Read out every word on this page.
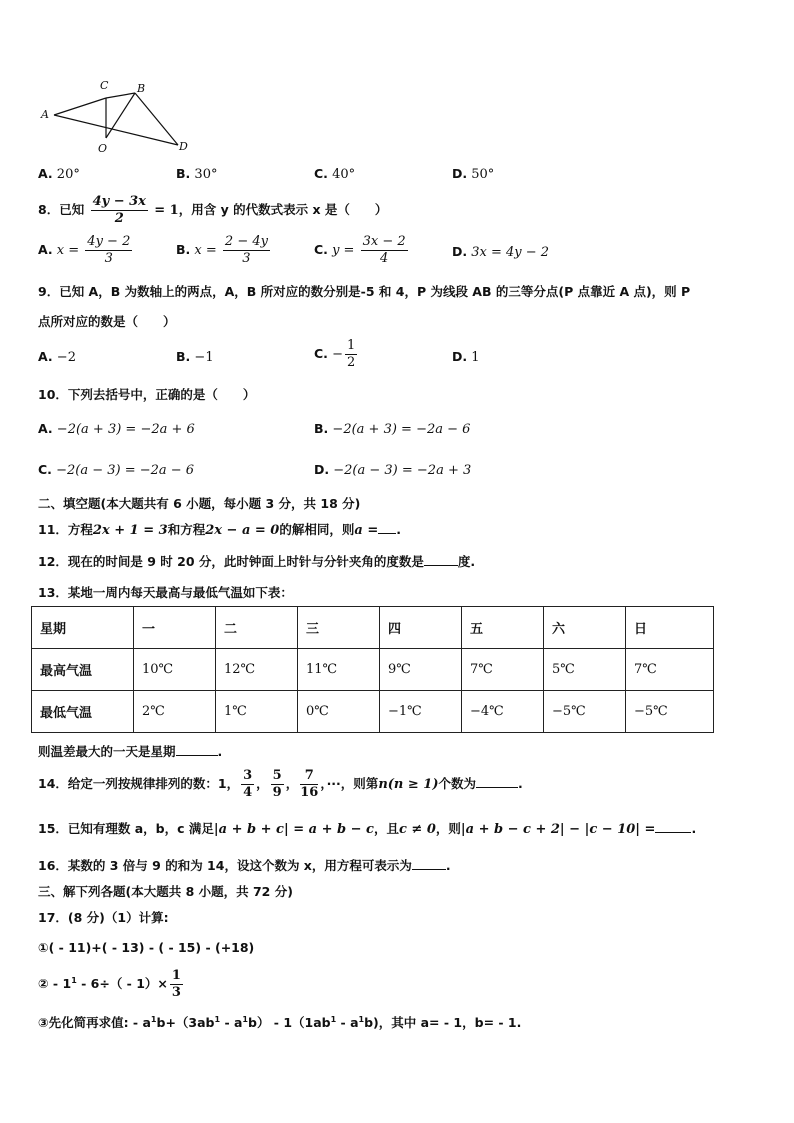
A
B
C
O	D
A. 20°	B. 30°	C. 40°	D. 50°
8．已知 $\frac{4y - 3x}{2} = 1$，用含 y 的代数式表示 x 是（　　）
A. $x = \frac{4y - 2}{3}$	B. $x = \frac{2 - 4y}{3}$	C. $y = \frac{3x - 2}{4}$	D. 3x = 4y − 2
9．已知 A，B 为数轴上的两点，A，B 所对应的数分别是-5 和 4，P 为线段 AB 的三等分点(P 点靠近 A 点)，则 P
点所对应的数是（　　）
A. −2	B. −1	C. − $\frac{1}{2}$	D. 1
10．下列去括号中，正确的是（　　）
A. −2(a + 3) = −2a + 6	B. −2(a + 3) = −2a − 6
C. −2(a − 3) = −2a − 6	D. −2(a − 3) = −2a + 3
二、填空题(本大题共有 6 小题，每小题 3 分，共 18 分)
11．方程2x + 1 = 3和方程2x − a = 0的解相同，则a = .
12．现在的时间是 9 时 20 分，此时钟面上时针与分针夹角的度数是	度.
13．某地一周内每天最高与最低气温如下表：
星期	一	二	三	四	五	六	日
最高气温	10℃	12℃	11℃	9℃	7℃	5℃	7℃
最低气温	2℃	1℃	0℃	−1℃	−4℃	−5℃	−5℃
则温差最大的一天是星期	.
14．给定一列按规律排列的数：1， $\frac{3}{4}$ ， $\frac{5}{9}$ ， $\frac{7}{16}$ ，···，则第n(n ≥ 1)个数为	.
15．已知有理数 a，b，c 满足|a + b + c| = a + b − c，且c ≠ 0，则|a + b − c + 2| − |c − 10| =	.
16．某数的 3 倍与 9 的和为 14，设这个数为 x，用方程可表示为	.
三、解下列各题(本大题共 8 小题，共 72 分)
17．(8 分)（1）计算:
①( - 11)+( - 13) - ( - 15) - (+18)
② - $1^1 - 6\div( - 1)\times \frac{1}{3}$
③先化简再求值: - $a^1b+(3ab^1 - a^1b) - 1(1ab^1 - a^1b)$，其中 a= - 1，b= - 1.
